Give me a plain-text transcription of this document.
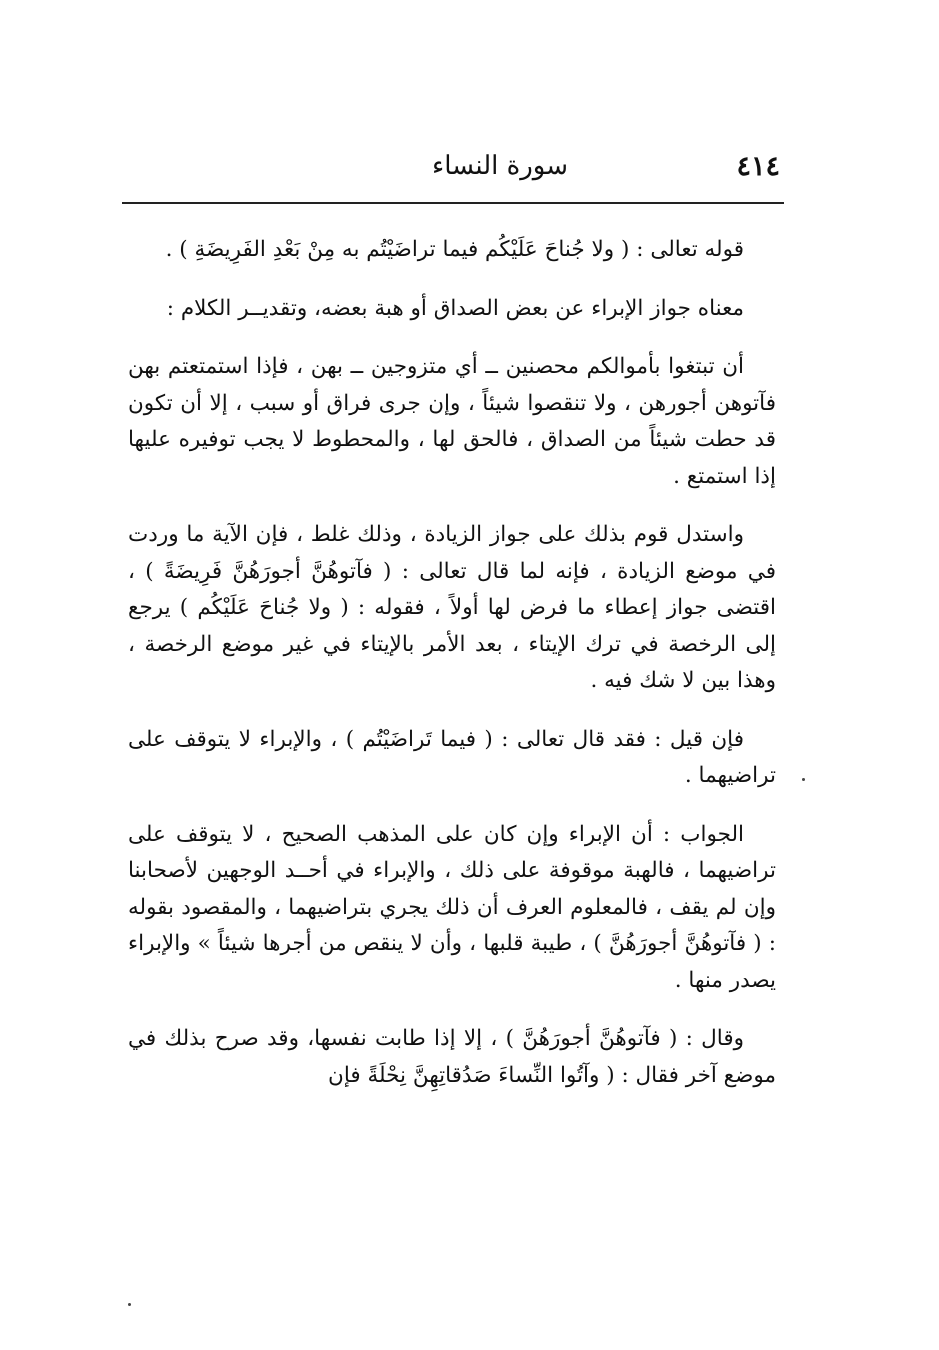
٤١٤
سورة النساء

قوله تعالى : ( ولا جُناحَ عَلَيْكُم فيما تراضَيْتُم به مِنْ بَعْدِ الفَرِيضَةِ ) .

معناه جواز الإبراء عن بعض الصداق أو هبة بعضه، وتقديــر الكلام :

أن تبتغوا بأموالكم محصنين ــ أي متزوجين ــ بهن ، فإذا استمتعتم بهن فآتوهن أجورهن ، ولا تنقصوا شيئاً ، وإن جرى فراق أو سبب ، إلا أن تكون قد حطت شيئاً من الصداق ، فالحق لها ، والمحطوط لا يجب توفيره عليها إذا استمتع .

واستدل قوم بذلك على جواز الزيادة ، وذلك غلط ، فإن الآية ما وردت في موضع الزيادة ، فإنه لما قال تعالى : ( فآتوهُنَّ أجورَهُنَّ فَرِيضَةً ) ، اقتضى جواز إعطاء ما فرض لها أولاً ، فقوله : ( ولا جُناحَ عَلَيْكُم ) يرجع إلى الرخصة في ترك الإيتاء ، بعد الأمر بالإيتاء في غير موضع الرخصة ، وهذا بين لا شك فيه .

فإن قيل : فقد قال تعالى : ( فيما تَراضَيْتُم ) ، والإبراء لا يتوقف على تراضيهما .

الجواب : أن الإبراء وإن كان على المذهب الصحيح ، لا يتوقف على تراضيهما ، فالهبة موقوفة على ذلك ، والإبراء في أحــد الوجهين لأصحابنا وإن لم يقف ، فالمعلوم العرف أن ذلك يجري بتراضيهما ، والمقصود بقوله : ( فآتوهُنَّ أجورَهُنَّ ) ، طيبة قلبها ، وأن لا ينقص من أجرها شيئاً » والإبراء يصدر منها .

وقال : ( فآتوهُنَّ أجورَهُنَّ ) ، إلا إذا طابت نفسها، وقد صرح بذلك في موضع آخر فقال : ( وآتُوا النِّساءَ صَدُقاتِهِنَّ نِحْلَةً فإن
